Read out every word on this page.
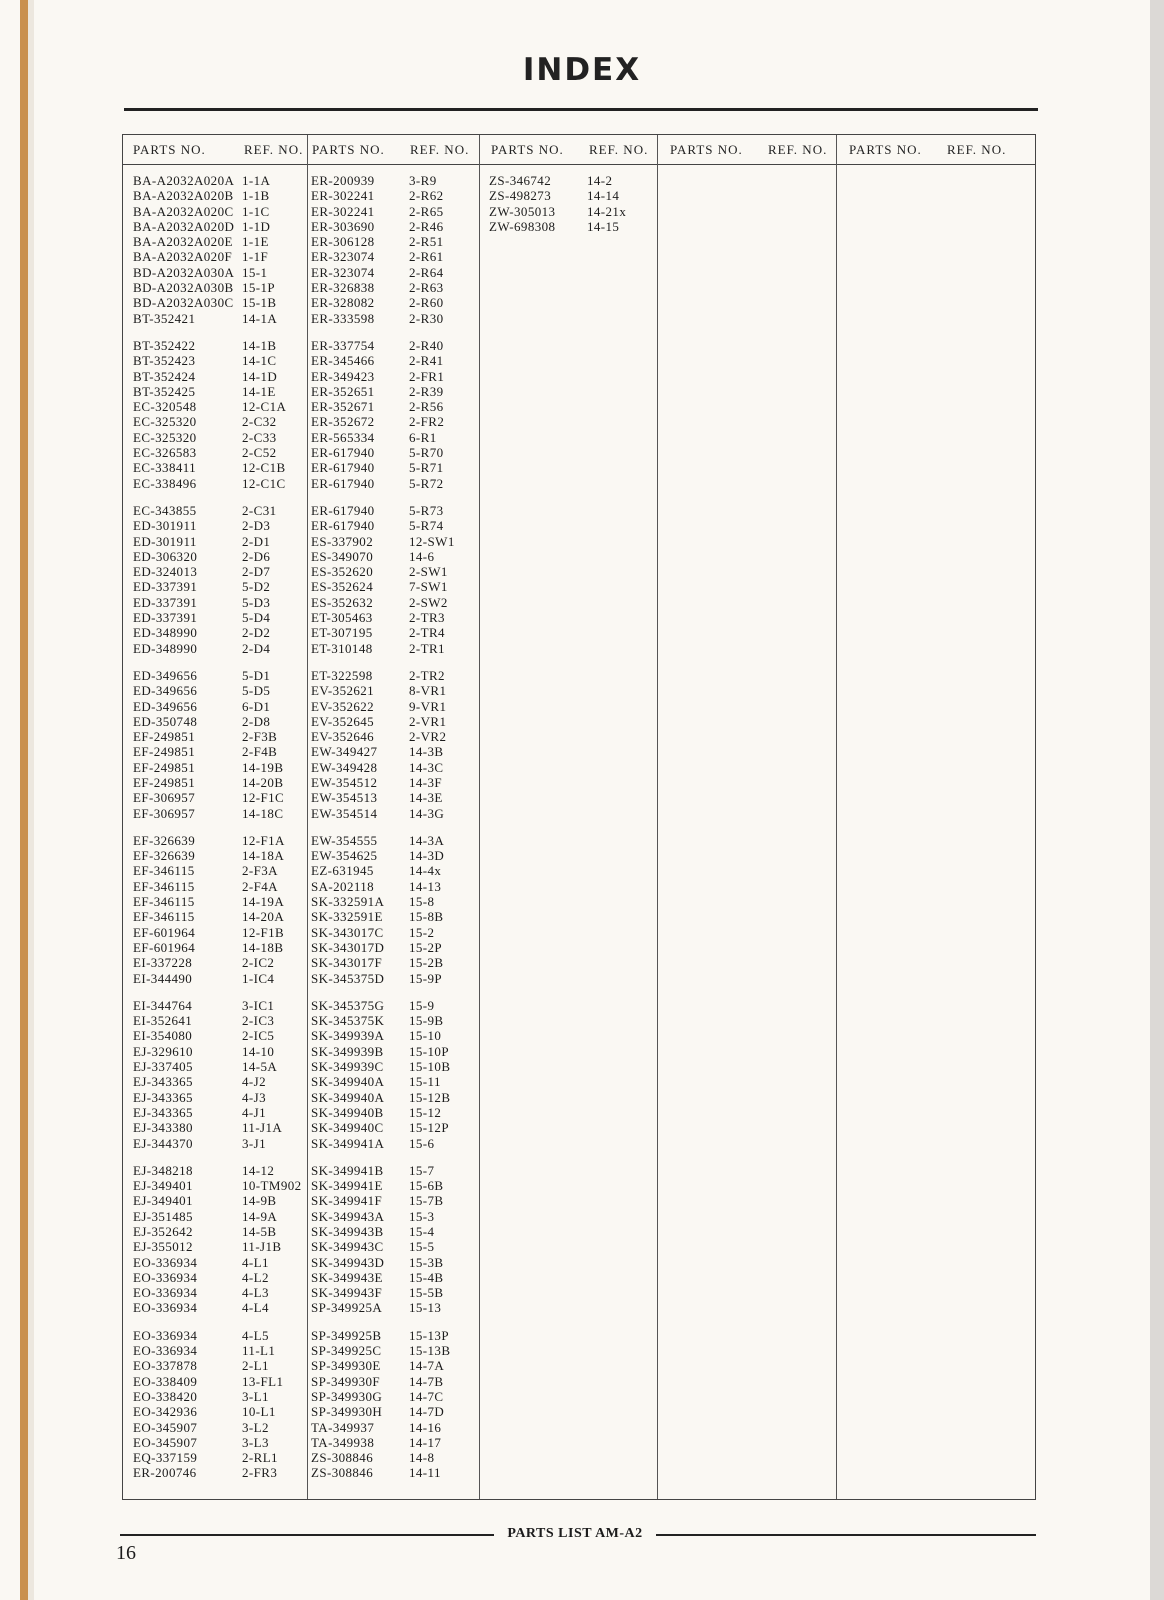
INDEX
PARTS NO.	REF. NO. PARTS NO. REF. NO. PARTS NO. REF. NO. PARTS NO. REF. NO. PARTS NO. REF. NO.
BA-A2032A020A 1-1A
BA-A2032A020B 1-1B
BA-A2032A020C 1-1C
BA-A2032A020D 1-1D
BA-A2032A020E 1-1E
BA-A2032A020F 1-1F
BD-A2032A030A 15-1
BD-A2032A030B 15-1P
BD-A2032A030C 15-1B
BT-352421	14-1A
BT-352422	14-1B
BT-352423	14-1C
BT-352424	14-1D
BT-352425	14-1E
EC-320548	12-C1A
EC-325320	2-C32
EC-325320	2-C33
EC-326583	2-C52
EC-338411	12-C1B
EC-338496	12-C1C
EC-343855	2-C31
ED-301911	2-D3
ED-301911	2-D1
ED-306320	2-D6
ED-324013	2-D7
ED-337391	5-D2
ED-337391	5-D3
ED-337391	5-D4
ED-348990	2-D2
ED-348990	2-D4
ED-349656	5-D1
ED-349656	5-D5
ED-349656	6-D1
ED-350748	2-D8
EF-249851	2-F3B
EF-249851	2-F4B
EF-249851	14-19B
EF-249851	14-20B
EF-306957	12-F1C
EF-306957	14-18C
EF-326639	12-F1A
EF-326639	14-18A
EF-346115	2-F3A
EF-346115	2-F4A
EF-346115	14-19A
EF-346115	14-20A
EF-601964	12-F1B
EF-601964	14-18B
EI-337228	2-IC2
EI-344490	1-IC4
EI-344764	3-IC1
EI-352641	2-IC3
EI-354080	2-IC5
EJ-329610	14-10
EJ-337405	14-5A
EJ-343365	4-J2
EJ-343365	4-J3
EJ-343365	4-J1
EJ-343380	11-J1A
EJ-344370	3-J1
EJ-348218	14-12
EJ-349401	10-TM902
EJ-349401	14-9B
EJ-351485	14-9A
EJ-352642	14-5B
EJ-355012	11-J1B
EO-336934	4-L1
EO-336934	4-L2
EO-336934	4-L3
EO-336934	4-L4
EO-336934	4-L5
EO-336934	11-L1
EO-337878	2-L1
EO-338409	13-FL1
EO-338420	3-L1
EO-342936	10-L1
EO-345907	3-L2
EO-345907	3-L3
EQ-337159	2-RL1
ER-200746	2-FR3
ER-200939	3-R9
ER-302241	2-R62
ER-302241	2-R65
ER-303690	2-R46
ER-306128	2-R51
ER-323074	2-R61
ER-323074	2-R64
ER-326838	2-R63
ER-328082	2-R60
ER-333598	2-R30
ER-337754	2-R40
ER-345466	2-R41
ER-349423	2-FR1
ER-352651	2-R39
ER-352671	2-R56
ER-352672	2-FR2
ER-565334	6-R1
ER-617940	5-R70
ER-617940	5-R71
ER-617940	5-R72
ER-617940	5-R73
ER-617940	5-R74
ES-337902	12-SW1
ES-349070	14-6
ES-352620	2-SW1
ES-352624	7-SW1
ES-352632	2-SW2
ET-305463	2-TR3
ET-307195	2-TR4
ET-310148	2-TR1
ET-322598	2-TR2
EV-352621	8-VR1
EV-352622	9-VR1
EV-352645	2-VR1
EV-352646	2-VR2
EW-349427 14-3B
EW-349428 14-3C
EW-354512 14-3F
EW-354513 14-3E
EW-354514 14-3G
EW-354555 14-3A
EW-354625 14-3D
EZ-631945	14-4x
SA-202118	14-13
SK-332591A 15-8
SK-332591E 15-8B
SK-343017C 15-2
SK-343017D 15-2P
SK-343017F 15-2B
SK-345375D 15-9P
SK-345375G 15-9
SK-345375K 15-9B
SK-349939A 15-10
SK-349939B 15-10P
SK-349939C 15-10B
SK-349940A 15-11
SK-349940A 15-12B
SK-349940B 15-12
SK-349940C 15-12P
SK-349941A 15-6
SK-349941B 15-7
SK-349941E 15-6B
SK-349941F 15-7B
SK-349943A 15-3
SK-349943B 15-4
SK-349943C 15-5
SK-349943D 15-3B
SK-349943E 15-4B
SK-349943F 15-5B
SP-349925A 15-13
SP-349925B 15-13P
SP-349925C 15-13B
SP-349930E 14-7A
SP-349930F 14-7B
SP-349930G 14-7C
SP-349930H 14-7D
TA-349937	14-16
TA-349938	14-17
ZS-308846	14-8
ZS-308846	14-11
ZS-346742	14-2
ZS-498273	14-14
ZW-305013 14-21x
ZW-698308 14-15
PARTS LIST AM-A2
16
